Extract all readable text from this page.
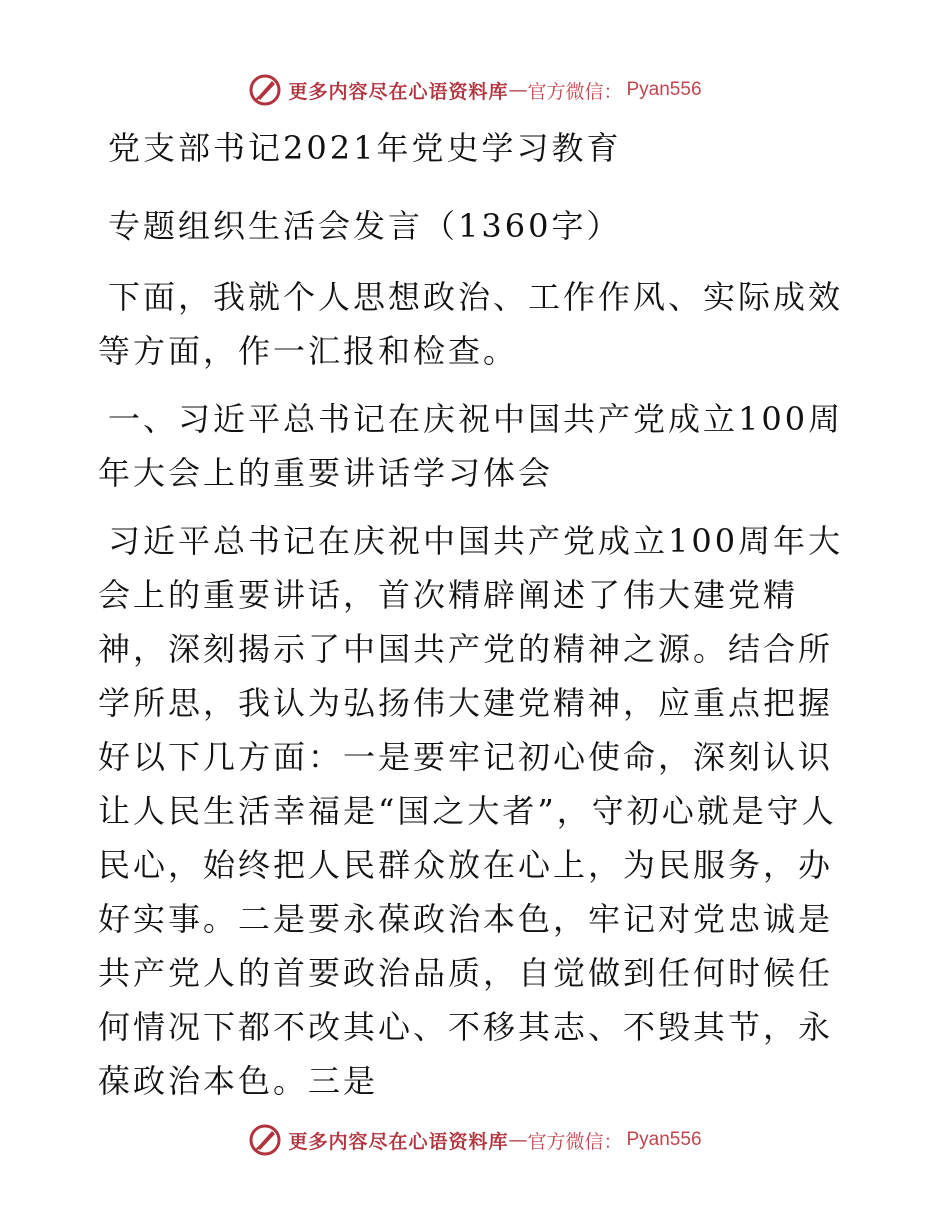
更多内容尽在心语资料库 — 官方微信： Pyan556
党支部书记2021年党史学习教育
专题组织生活会发言（1360字）

下面，我就个人思想政治、工作作风、实际成效等方面，作一汇报和检查。

一、习近平总书记在庆祝中国共产党成立100周年大会上的重要讲话学习体会

习近平总书记在庆祝中国共产党成立100周年大会上的重要讲话，首次精辟阐述了伟大建党精神，深刻揭示了中国共产党的精神之源。结合所学所思，我认为弘扬伟大建党精神，应重点把握好以下几方面：一是要牢记初心使命，深刻认识让人民生活幸福是“国之大者”，守初心就是守人民心，始终把人民群众放在心上，为民服务，办好实事。二是要永葆政治本色，牢记对党忠诚是共产党人的首要政治品质，自觉做到任何时候任何情况下都不改其心、不移其志、不毁其节，永葆政治本色。三是

更多内容尽在心语资料库 — 官方微信： Pyan556
